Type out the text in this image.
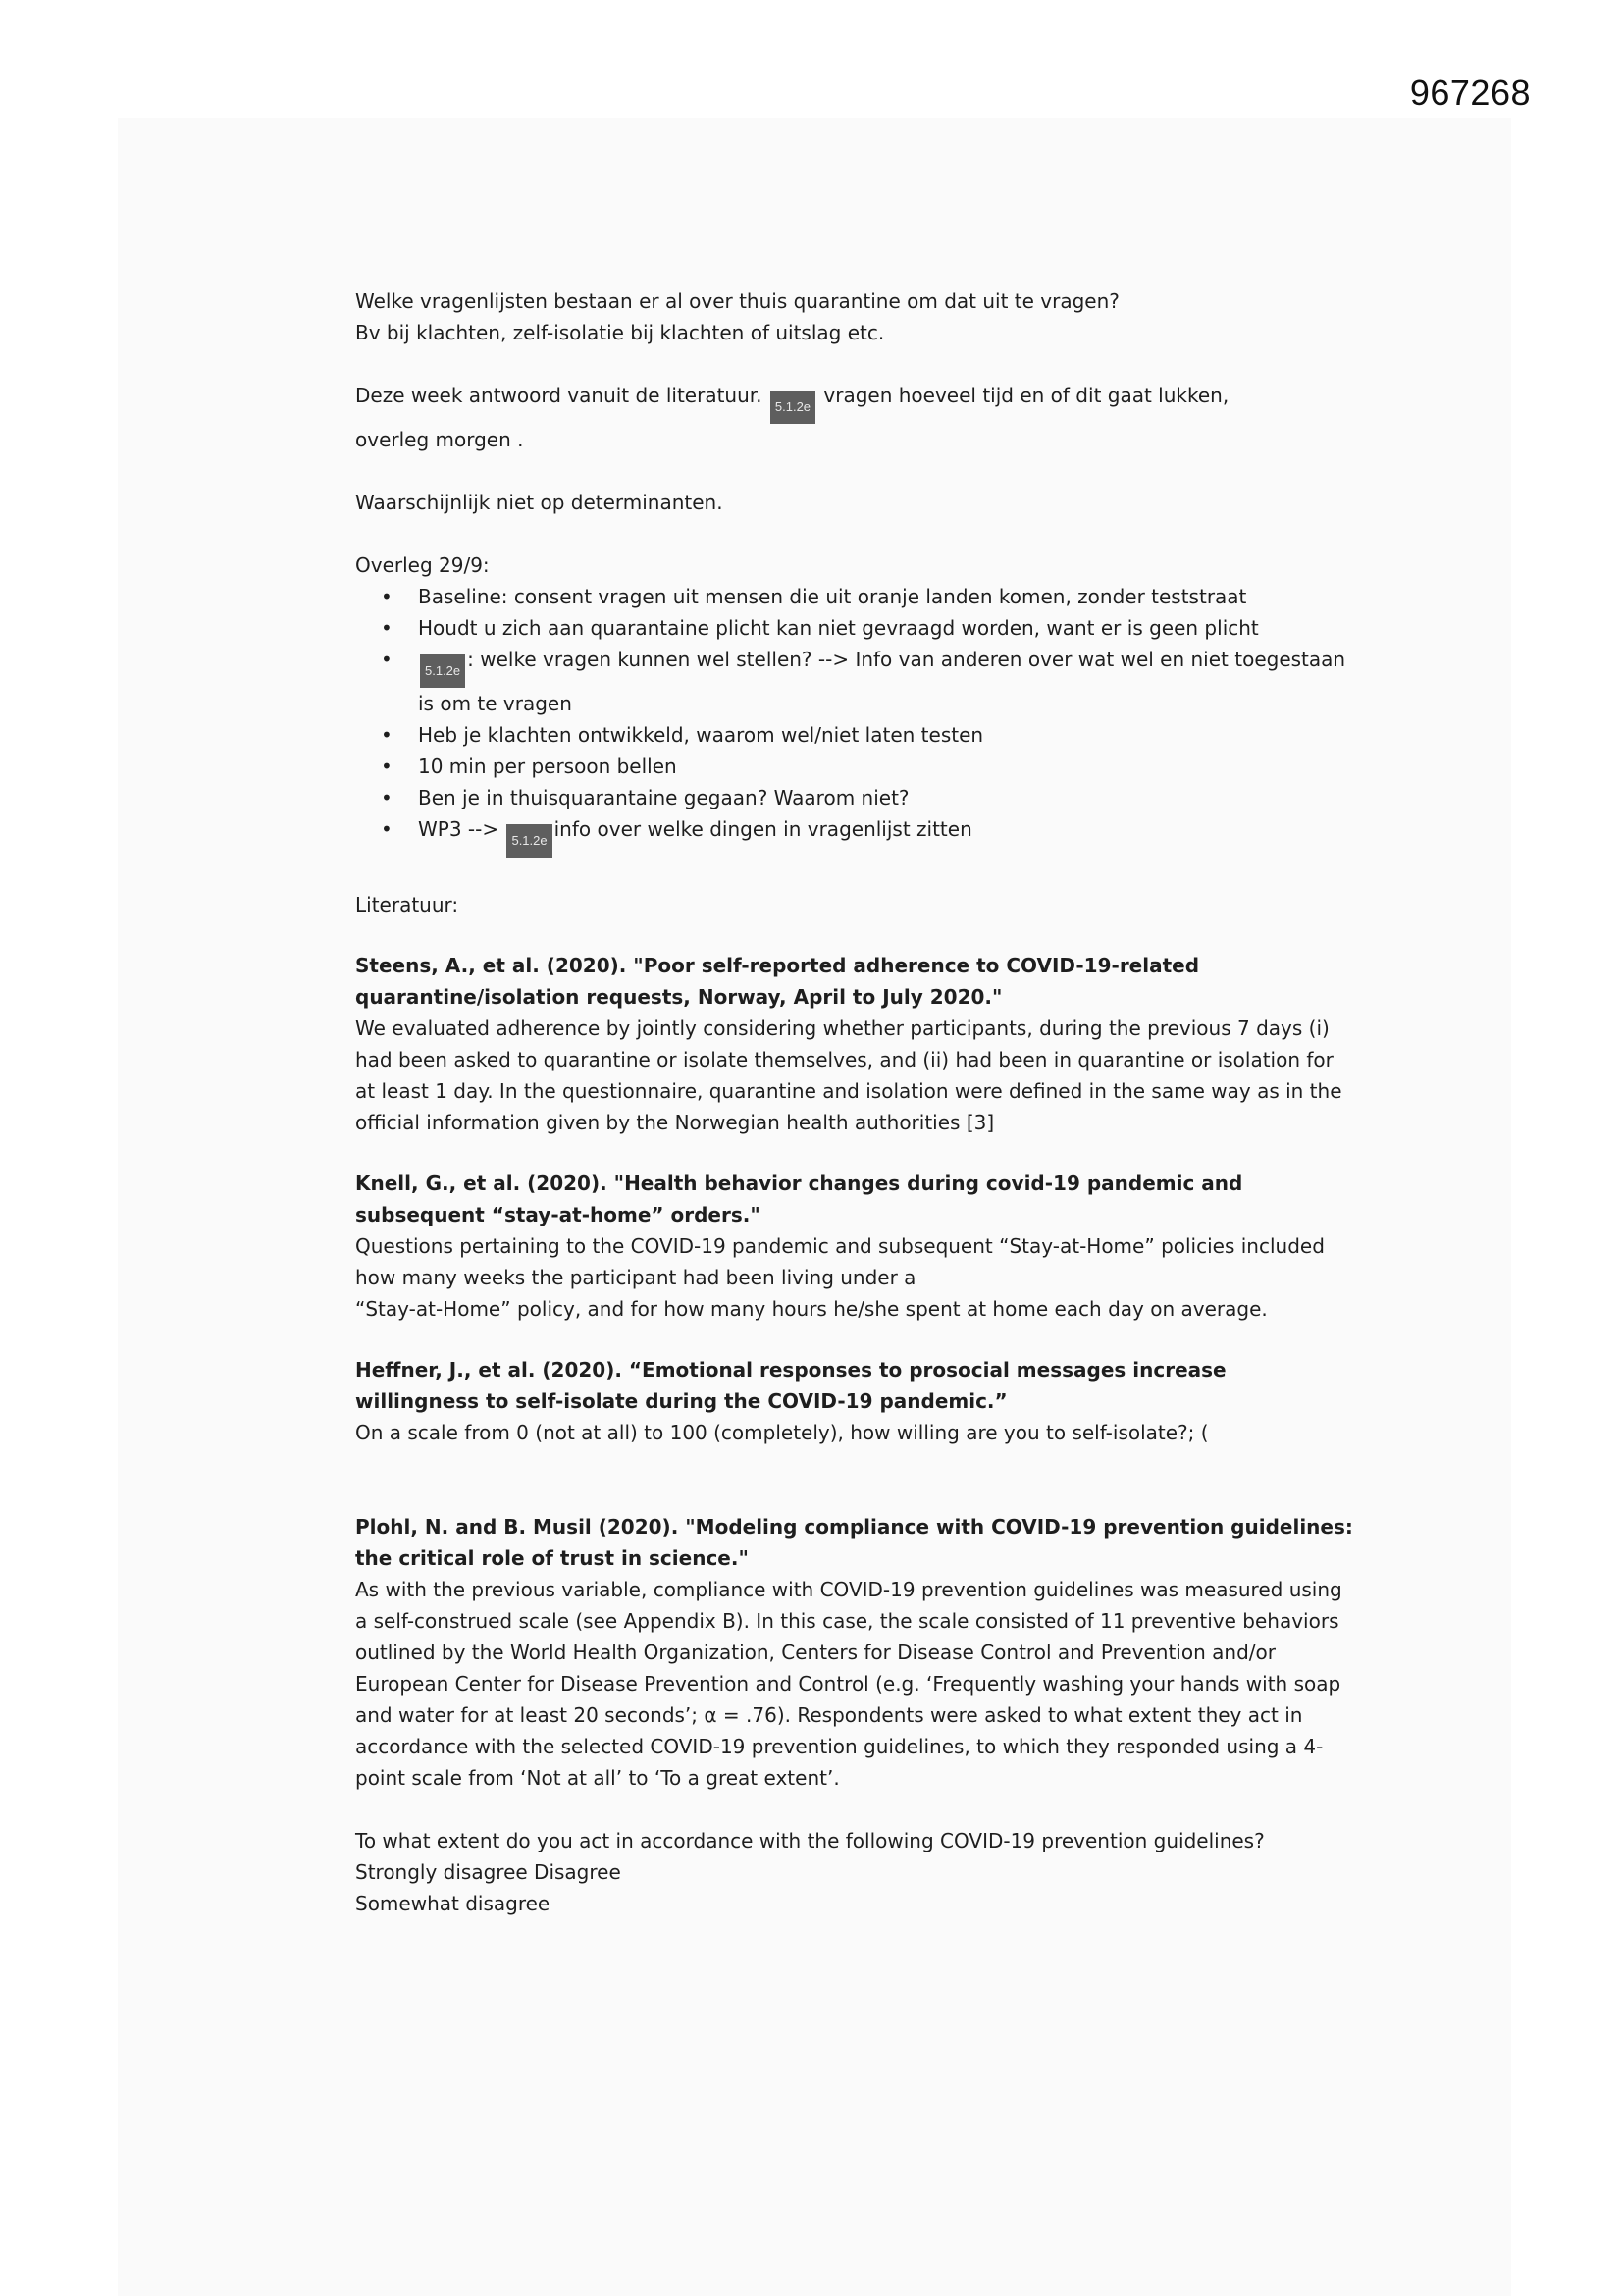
967268

Welke vragenlijsten bestaan er al over thuis quarantine om dat uit te vragen?

Bv bij klachten, zelf-isolatie bij klachten of uitslag etc.

Deze week antwoord vanuit de literatuur. 5.1.2e vragen hoeveel tijd en of dit gaat lukken,

overleg morgen .

Waarschijnlijk niet op determinanten.

Overleg 29/9:

• Baseline: consent vragen uit mensen die uit oranje landen komen, zonder teststraat
• Houdt u zich aan quarantaine plicht kan niet gevraagd worden, want er is geen plicht
• 5.1.2e : welke vragen kunnen wel stellen? --> Info van anderen over wat wel en niet toegestaan is om te vragen
• Heb je klachten ontwikkeld, waarom wel/niet laten testen
• 10 min per persoon bellen
• Ben je in thuisquarantaine gegaan? Waarom niet?
• WP3 --> 5.1.2e info over welke dingen in vragenlijst zitten

Literatuur:

Steens, A., et al. (2020). "Poor self-reported adherence to COVID-19-related quarantine/isolation requests, Norway, April to July 2020."

We evaluated adherence by jointly considering whether participants, during the previous 7 days (i) had been asked to quarantine or isolate themselves, and (ii) had been in quarantine or isolation for at least 1 day. In the questionnaire, quarantine and isolation were defined in the same way as in the official information given by the Norwegian health authorities [3]

Knell, G., et al. (2020). "Health behavior changes during covid-19 pandemic and subsequent “stay-at-home” orders."

Questions pertaining to the COVID-19 pandemic and subsequent “Stay-at-Home” policies included how many weeks the participant had been living under a

“Stay-at-Home” policy, and for how many hours he/she spent at home each day on average.

Heffner, J., et al. (2020). “Emotional responses to prosocial messages increase willingness to self-isolate during the COVID-19 pandemic.”

On a scale from 0 (not at all) to 100 (completely), how willing are you to self-isolate?; (

Plohl, N. and B. Musil (2020). "Modeling compliance with COVID-19 prevention guidelines: the critical role of trust in science."

As with the previous variable, compliance with COVID-19 prevention guidelines was measured using a self-construed scale (see Appendix B). In this case, the scale consisted of 11 preventive behaviors outlined by the World Health Organization, Centers for Disease Control and Prevention and/or European Center for Disease Prevention and Control (e.g. ‘Frequently washing your hands with soap and water for at least 20 seconds’; α = .76). Respondents were asked to what extent they act in accordance with the selected COVID-19 prevention guidelines, to which they responded using a 4-point scale from ‘Not at all’ to ‘To a great extent’.

To what extent do you act in accordance with the following COVID-19 prevention guidelines?

Strongly disagree Disagree

Somewhat disagree
